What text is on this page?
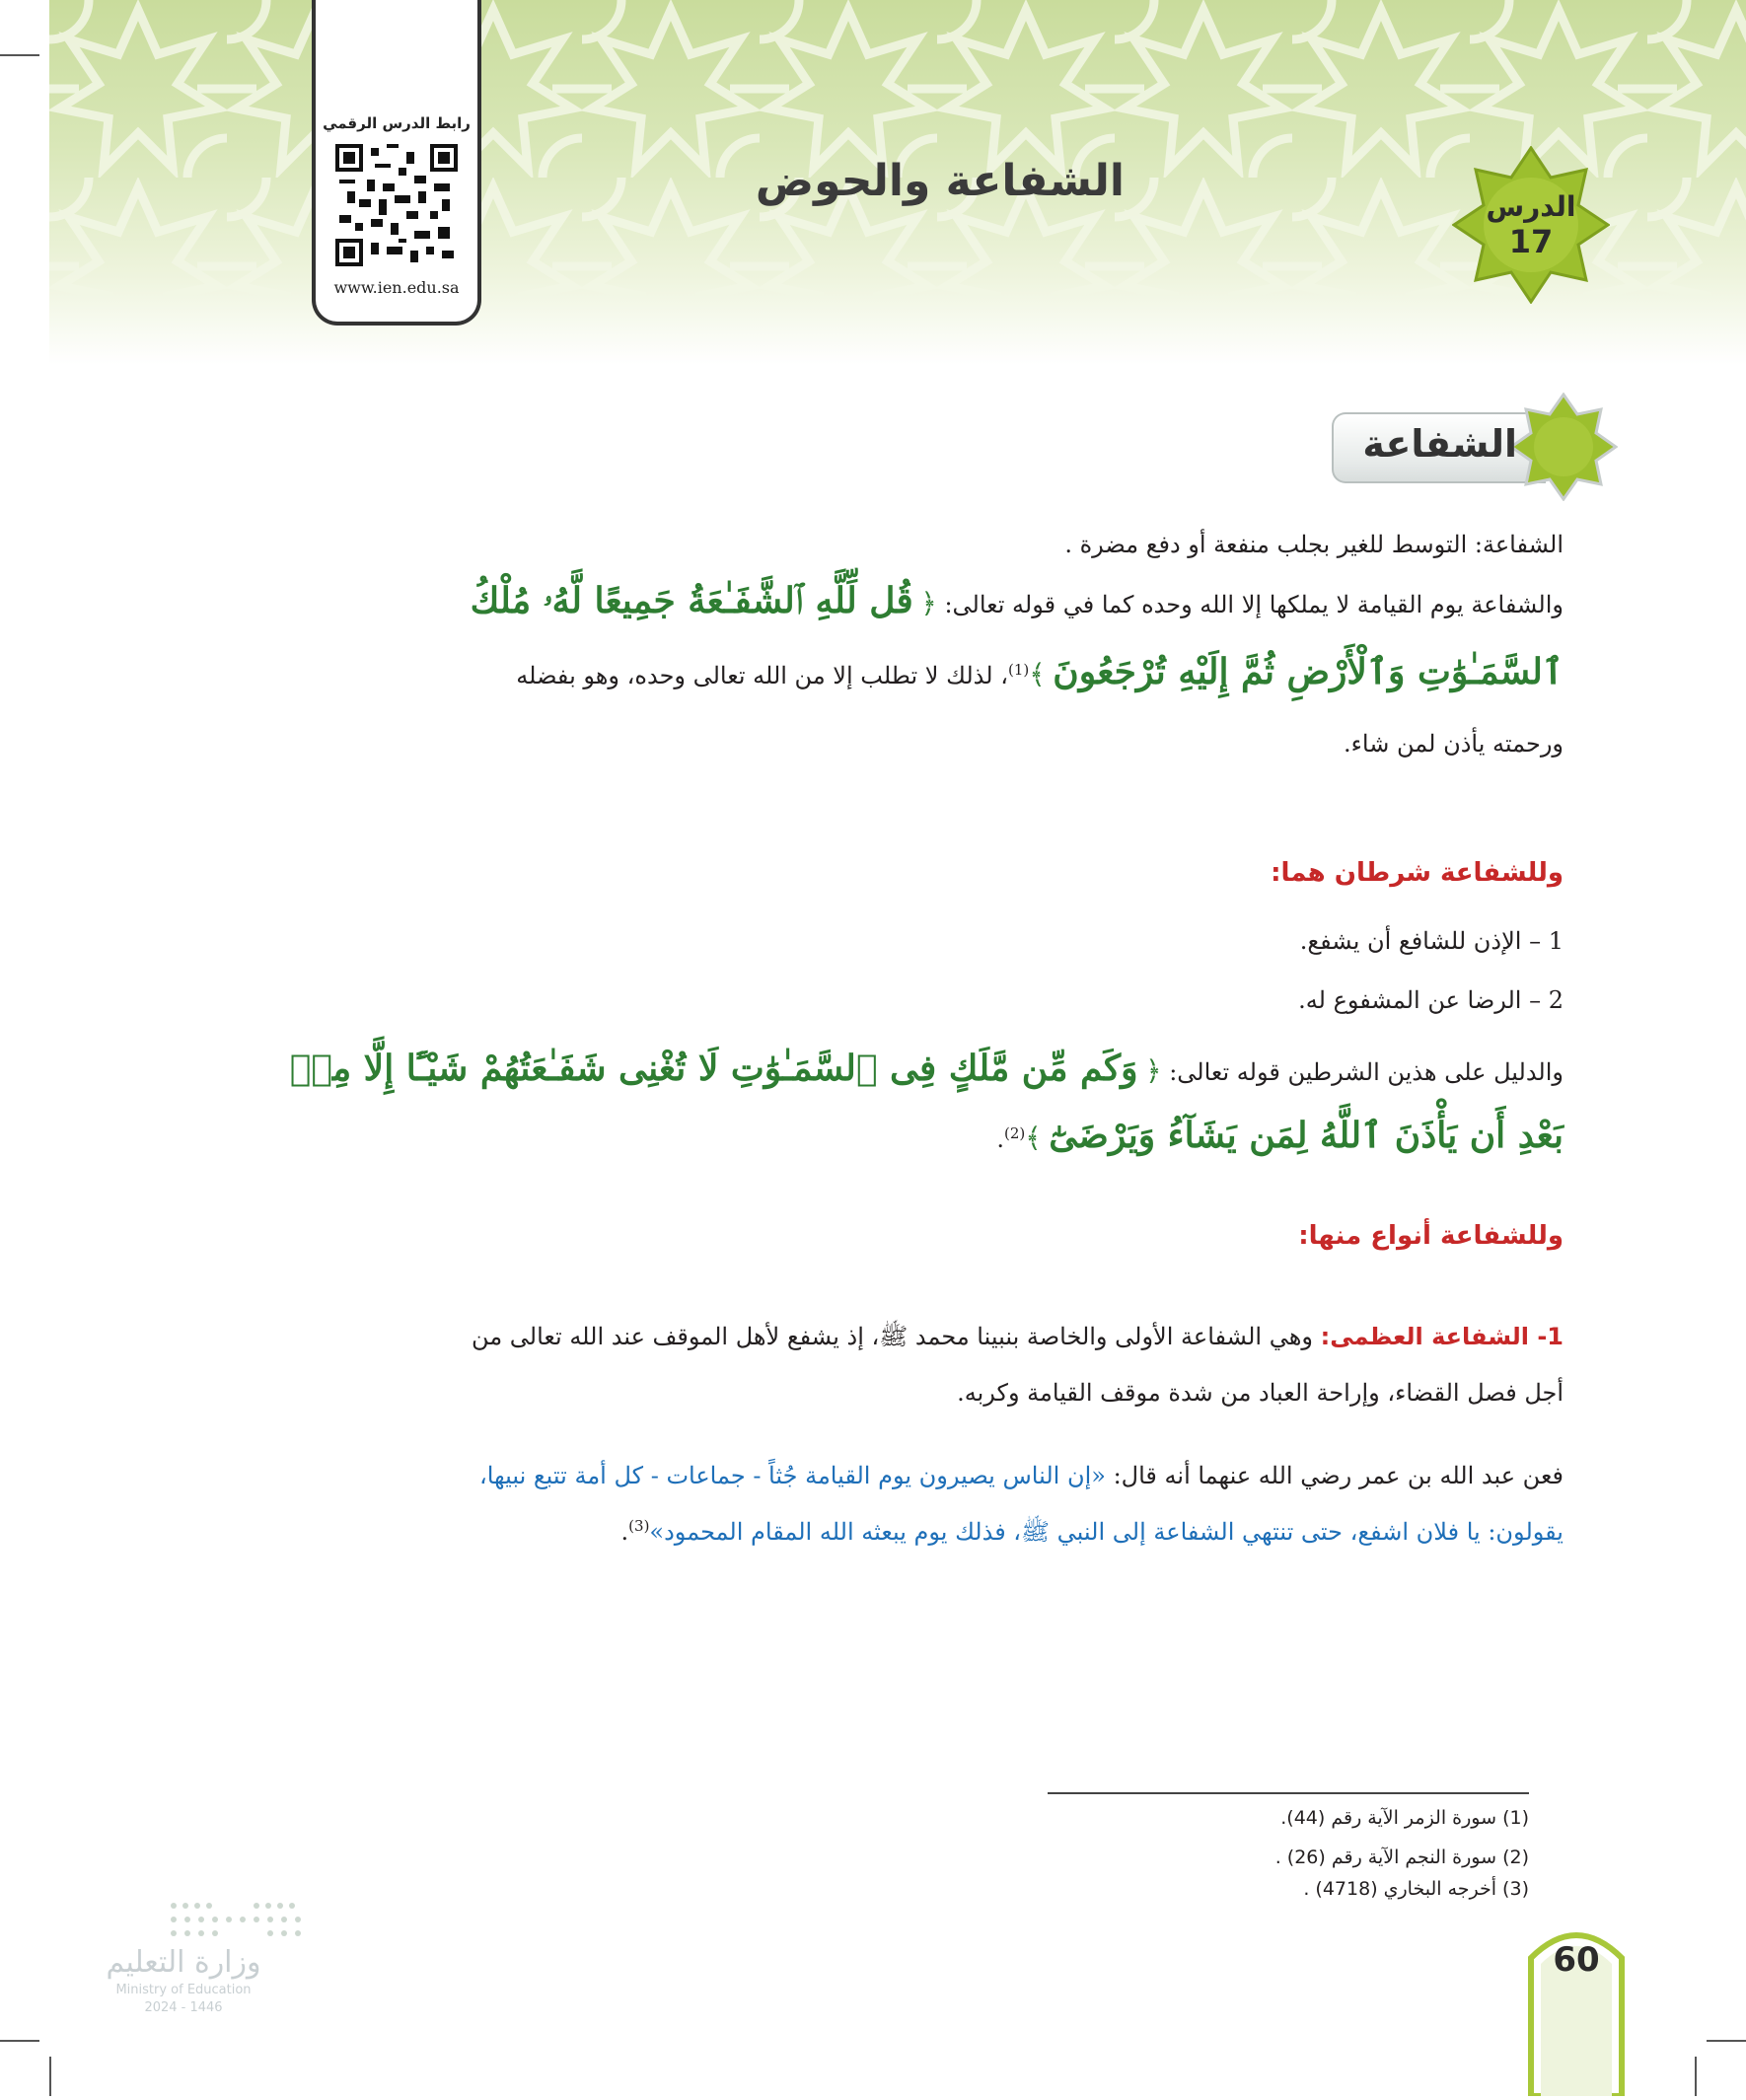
الشفاعة والحوض
الدرس
17
رابط الدرس الرقمي
www.ien.edu.sa
الشفاعة
الشفاعة: التوسط للغير بجلب منفعة أو دفع مضرة .
والشفاعة يوم القيامة لا يملكها إلا الله وحده كما في قوله تعالى: ﴿ قُل لِّلَّهِ ٱلشَّفَـٰعَةُ جَمِيعًا لَّهُۥ مُلْكُ
ٱلسَّمَـٰوَٰتِ وَٱلْأَرْضِ ثُمَّ إِلَيْهِ تُرْجَعُونَ ﴾$^{(1)}$، لذلك لا تطلب إلا من الله تعالى وحده، وهو بفضله
ورحمته يأذن لمن شاء.
وللشفاعة شرطان هما:
1 – الإذن للشافع أن يشفع.
2 – الرضا عن المشفوع له.
والدليل على هذين الشرطين قوله تعالى: ﴿ وَكَم مِّن مَّلَكٍ فِى ٱلسَّمَـٰوَٰتِ لَا تُغْنِى شَفَـٰعَتُهُمْ شَيْـًٔا إِلَّا مِنۢ
بَعْدِ أَن يَأْذَنَ ٱللَّهُ لِمَن يَشَآءُ وَيَرْضَىٰٓ ﴾$^{(2)}$.
وللشفاعة أنواع منها:
1- الشفاعة العظمى: وهي الشفاعة الأولى والخاصة بنبينا محمد ﷺ، إذ يشفع لأهل الموقف عند الله تعالى من
أجل فصل القضاء، وإراحة العباد من شدة موقف القيامة وكربه.
فعن عبد الله بن عمر رضي الله عنهما أنه قال: «إن الناس يصيرون يوم القيامة جُثاً - جماعات - كل أمة تتبع نبيها،
يقولون: يا فلان اشفع، حتى تنتهي الشفاعة إلى النبي ﷺ، فذلك يوم يبعثه الله المقام المحمود»$^{(3)}$.
(1) سورة الزمر الآية رقم (44).
(2) سورة النجم الآية رقم (26) .
(3) أخرجه البخاري (4718) .
وزارة التعليم
Ministry of Education
2024 - 1446
60
